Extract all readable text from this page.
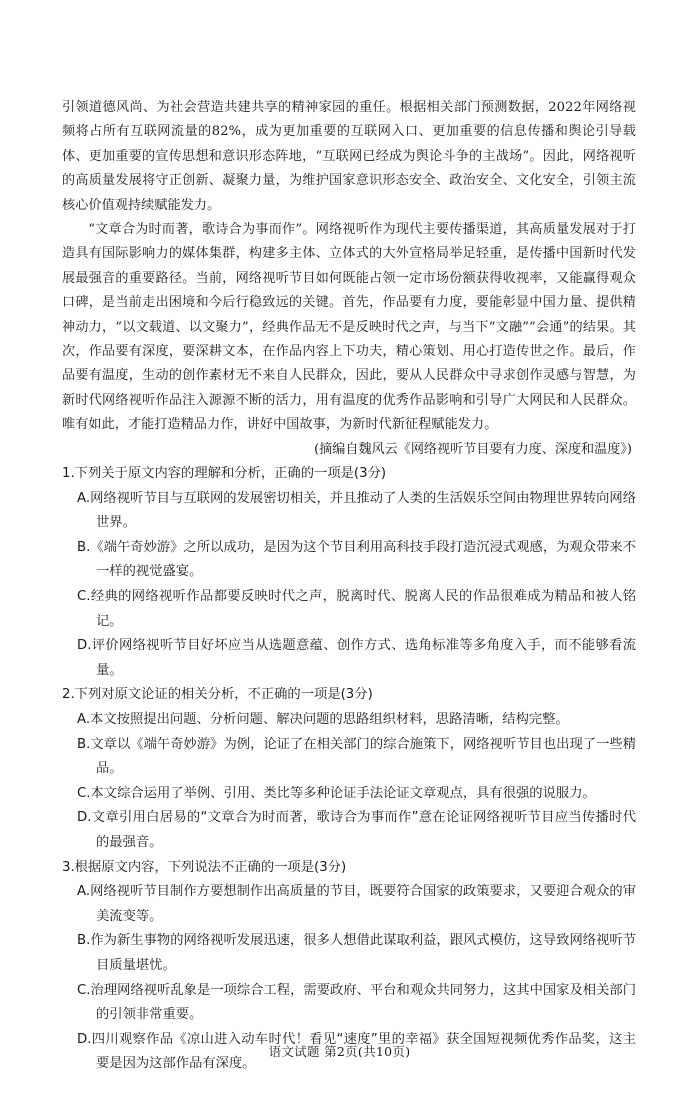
引领道德风尚、为社会营造共建共享的精神家园的重任。根据相关部门预测数据，2022年网络视频将占所有互联网流量的82%，成为更加重要的互联网入口、更加重要的信息传播和舆论引导载体、更加重要的宣传思想和意识形态阵地，“互联网已经成为舆论斗争的主战场”。因此，网络视听的高质量发展将守正创新、凝聚力量，为维护国家意识形态安全、政治安全、文化安全，引领主流核心价值观持续赋能发力。

“文章合为时而著，歌诗合为事而作”。网络视听作为现代主要传播渠道，其高质量发展对于打造具有国际影响力的媒体集群，构建多主体、立体式的大外宣格局举足轻重，是传播中国新时代发展最强音的重要路径。当前，网络视听节目如何既能占领一定市场份额获得收视率，又能赢得观众口碑，是当前走出困境和今后行稳致远的关键。首先，作品要有力度，要能彰显中国力量、提供精神动力，“以文载道、以文聚力”，经典作品无不是反映时代之声，与当下“文融”“会通”的结果。其次，作品要有深度，要深耕文本，在作品内容上下功夫，精心策划、用心打造传世之作。最后，作品要有温度，生动的创作素材无不来自人民群众，因此，要从人民群众中寻求创作灵感与智慧，为新时代网络视听作品注入源源不断的活力，用有温度的优秀作品影响和引导广大网民和人民群众。唯有如此，才能打造精品力作，讲好中国故事，为新时代新征程赋能发力。

(摘编自魏风云《网络视听节目要有力度、深度和温度》)

1.下列关于原文内容的理解和分析，正确的一项是(3分)

A.网络视听节目与互联网的发展密切相关，并且推动了人类的生活娱乐空间由物理世界转向网络世界。

B.《端午奇妙游》之所以成功，是因为这个节目利用高科技手段打造沉浸式观感，为观众带来不一样的视觉盛宴。

C.经典的网络视听作品都要反映时代之声，脱离时代、脱离人民的作品很难成为精品和被人铭记。

D.评价网络视听节目好坏应当从选题意蕴、创作方式、选角标准等多角度入手，而不能够看流量。

2.下列对原文论证的相关分析，不正确的一项是(3分)

A.本文按照提出问题、分析问题、解决问题的思路组织材料，思路清晰，结构完整。

B.文章以《端午奇妙游》为例，论证了在相关部门的综合施策下，网络视听节目也出现了一些精品。

C.本文综合运用了举例、引用、类比等多种论证手法论证文章观点，具有很强的说服力。

D.文章引用白居易的“文章合为时而著，歌诗合为事而作”意在论证网络视听节目应当传播时代的最强音。

3.根据原文内容，下列说法不正确的一项是(3分)

A.网络视听节目制作方要想制作出高质量的节目，既要符合国家的政策要求，又要迎合观众的审美流变等。

B.作为新生事物的网络视听发展迅速，很多人想借此谋取利益，跟风式模仿，这导致网络视听节目质量堪忧。

C.治理网络视听乱象是一项综合工程，需要政府、平台和观众共同努力，这其中国家及相关部门的引领非常重要。

D.四川观察作品《凉山进入动车时代！看见“速度”里的幸福》获全国短视频优秀作品奖，这主要是因为这部作品有深度。

语文试题 第2页(共10页)
